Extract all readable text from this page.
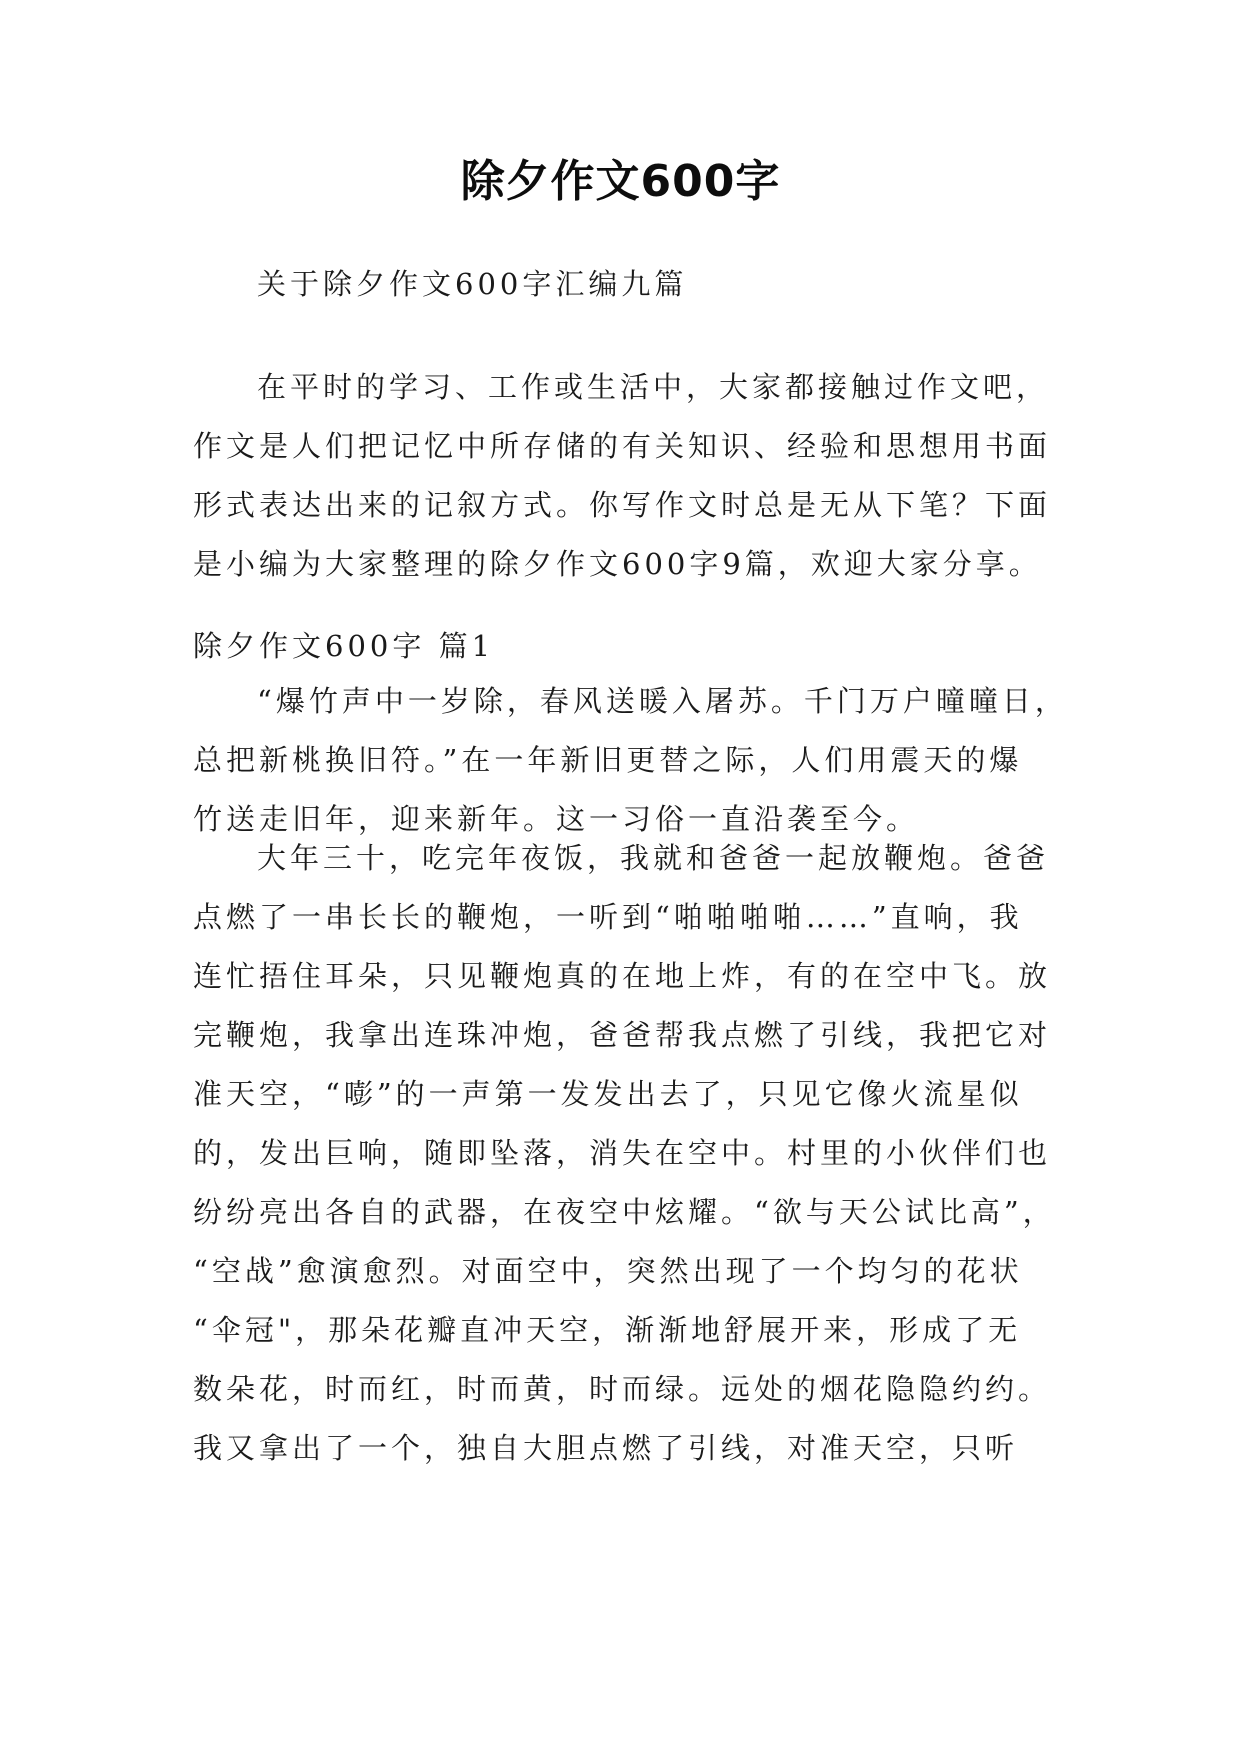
除夕作文600字
关于除夕作文600字汇编九篇
在平时的学习、工作或生活中，大家都接触过作文吧，
作文是人们把记忆中所存储的有关知识、经验和思想用书面
形式表达出来的记叙方式。你写作文时总是无从下笔？下面
是小编为大家整理的除夕作文600字9篇，欢迎大家分享。
除夕作文600字 篇1
“爆竹声中一岁除，春风送暖入屠苏。千门万户曈曈日，
总把新桃换旧符。”在一年新旧更替之际，人们用震天的爆
竹送走旧年，迎来新年。这一习俗一直沿袭至今。
大年三十，吃完年夜饭，我就和爸爸一起放鞭炮。爸爸
点燃了一串长长的鞭炮，一听到“啪啪啪啪……”直响，我
连忙捂住耳朵，只见鞭炮真的在地上炸，有的在空中飞。放
完鞭炮，我拿出连珠冲炮，爸爸帮我点燃了引线，我把它对
准天空，“嘭”的一声第一发发出去了，只见它像火流星似
的，发出巨响，随即坠落，消失在空中。村里的小伙伴们也
纷纷亮出各自的武器，在夜空中炫耀。“欲与天公试比高”，
“空战”愈演愈烈。对面空中，突然出现了一个均匀的花状
“伞冠"，那朵花瓣直冲天空，渐渐地舒展开来，形成了无
数朵花，时而红，时而黄，时而绿。远处的烟花隐隐约约。
我又拿出了一个，独自大胆点燃了引线，对准天空，只听
